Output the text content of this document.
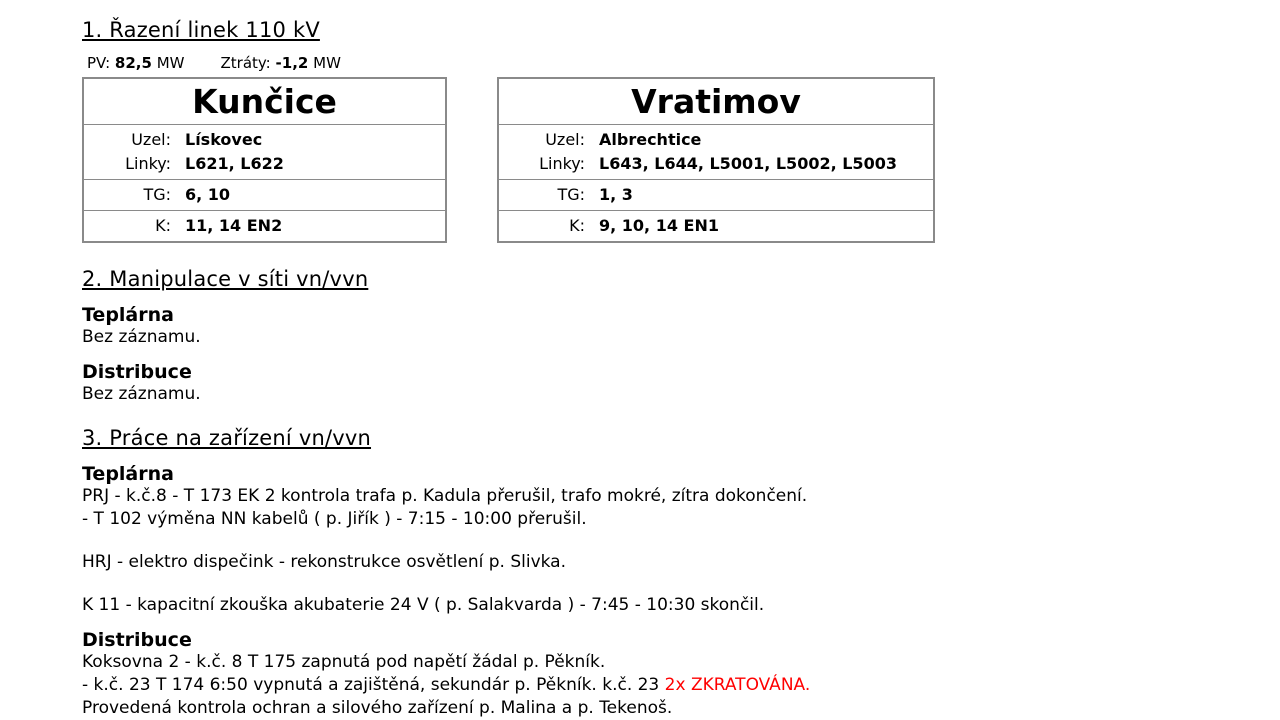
1. Řazení linek 110 kV
PV: 82,5 MW Ztráty: -1,2 MW
Kunčice
Uzel: Lískovec
Linky: L621, L622
TG: 6, 10
K: 11, 14 EN2
Vratimov
Uzel: Albrechtice
Linky: L643, L644, L5001, L5002, L5003
TG: 1, 3
K: 9, 10, 14 EN1
2. Manipulace v síti vn/vvn
Teplárna
Bez záznamu.
Distribuce
Bez záznamu.
3. Práce na zařízení vn/vvn
Teplárna
PRJ - k.č.8 - T 173 EK 2 kontrola trafa p. Kadula přerušil, trafo mokré, zítra dokončení.
- T 102 výměna NN kabelů ( p. Jiřík ) - 7:15 - 10:00 přerušil.
HRJ - elektro dispečink - rekonstrukce osvětlení p. Slivka.
K 11 - kapacitní zkouška akubaterie 24 V ( p. Salakvarda ) - 7:45 - 10:30 skončil.
Distribuce
Koksovna 2 - k.č. 8 T 175 zapnutá pod napětí žádal p. Pěkník.
- k.č. 23 T 174 6:50 vypnutá a zajištěná, sekundár p. Pěkník. k.č. 23 2x ZKRATOVÁNA.
Provedená kontrola ochran a silového zařízení p. Malina a p. Tekenoš.
